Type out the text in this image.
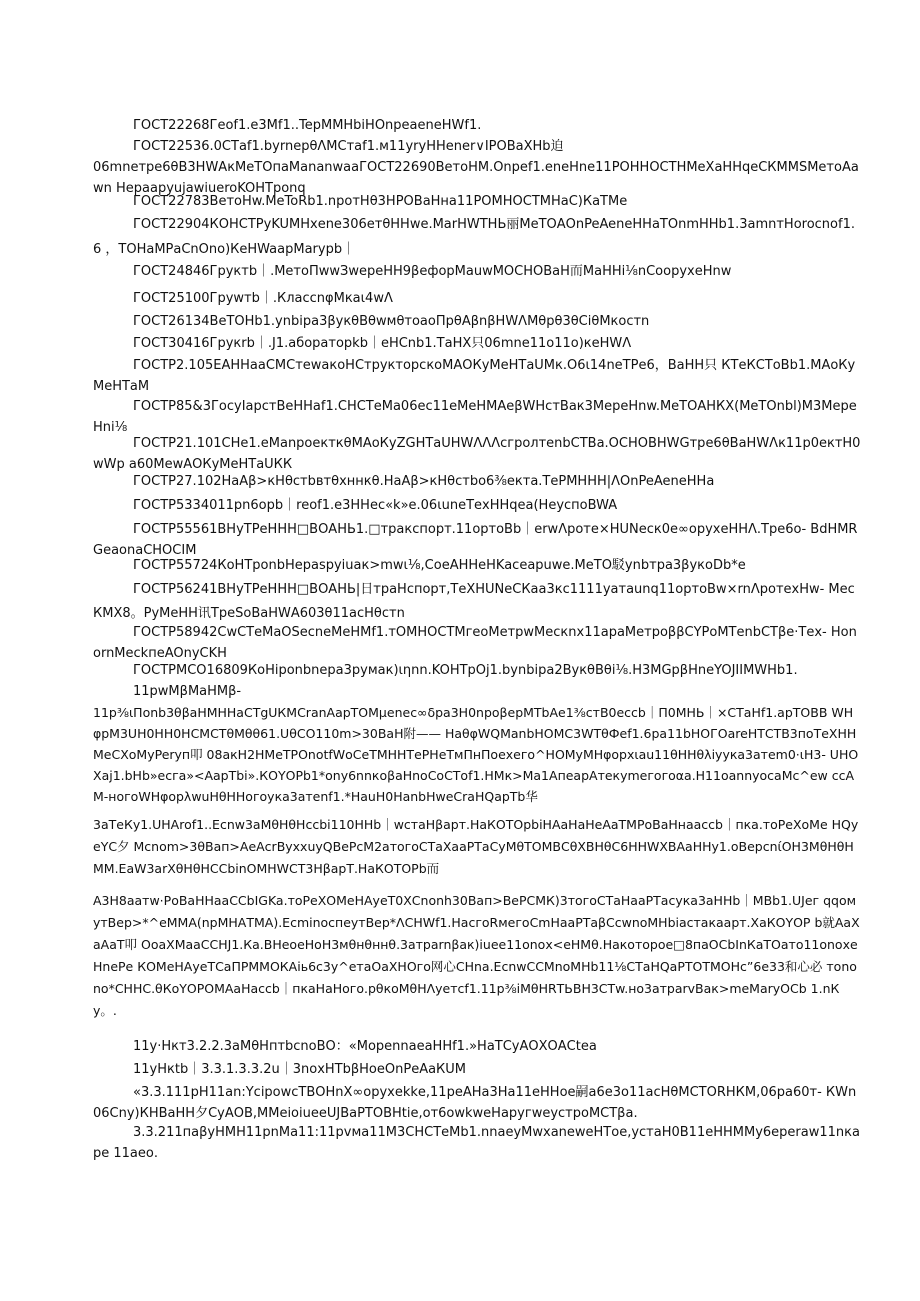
ГОСТ22268Геоf1.е3Мf1..TepMMHbiHOnpeaeneHWf1.

ГОСТ22536.0СТаf1.byrnepθΛМСтаf1.м11yryHHener∨IPOBaXHb迫

06mnетре6θВ3НWАкМеТОпаМananwaaГОСТ22690ВетоНМ.Onpef1.eneHne11РОННОСТНМеХаННqеСКММSМетоАawn НераapyujawiueroKOHТponq

ГОСТ22783ВетоHw.MeToRb1.npотНθ3НРОВаНна11РОМНОСТМНаС)КаТМе

ГОСТ22904КОНСТРуKUМНхеnе306етθННwе.МarНWТНЬ丽МеТОАОnPeAeneHHaТОnmHHb1.3amnтHorocnof1.6 ，ТОНаМРаСnOno)КеНWaapMarypb｜

ГОСТ24846Грyктb｜.MетоΠwwЗwереНН9βефорМаuwМОСНОВаН而МаННi⅛nСоорyхеНnw

ГОСТ25100Грywтb｜.КлассnφМкaι4wΛ

ГОСТ26134ВеТОНb1.ynbiра3βукθВθwмθтоаоΠрθАβnβНWΛМθрθ3θСiθМкостn

ГОСТ30416Грyкrb｜.J1.абораторkb｜еНСnb1.ТаНХ只06mnе11о11о)кеНWΛ

ГОСТР2.105ЕАННааСМСтеwакоНСтрyктopскоМАОКуМеНТаUМк.О6ι14nеТРе6，ВаНН只 КТеКСТоВb1.МАоКуМеНТаМ

ГОСТР85&3ГосуⅠарстВеННаf1.СНСТеМа06ес11еМеНМАеβWНстВак3МерeHnw.MеТОАНКХ(МеТОnbl)М3Мере Hni⅛

ГОСТР21.101СНе1.eManpoeкткθМАоКуZGНТаUНWΛΛΛсгролтеnbСТВа.ОСНОВНWGтре6θВаНWΛк11р0ектН0wWр а60МewАОКуМеНТаUКК

ГОСТР27.102НаАβ>кНθстbвтθхннкθ.НаАβ>кНθстbо6⅜екта.ТеРМННН|ΛOnPeAeneННа

ГОСТР5334011рn6орb｜reof1.е3ННес«k»е.06ιuneТехННqеа(НеуспоBWA

ГОСТР55561ВНуТРеННН□ВОАНЬ1.□трaкспорт.11ортоВb｜erwΛротe×HUNеск0е∞орyхеННΛ.Тре6о- ВdНМRGеaonaCНOCIM

ГОСТР55724КоНТроnbНераspyiuак>mwι⅛,CoeAHHeHKaceapuwe.МеТО駁ynbтра3βукоDb*е

ГОСТР56241ВНуТРеННН□ВОАНЬ|日траНспорт,ТеХНUNеСКаа3кс1111уатаunq11ортоВw×rnΛротеxНw- МесКМХ8。РуМеНН讯ТреSоВаНWА603θ11асНθстn

ГОСТР58942СwСТеМаОSecneМеНМf1.тОМНОСТМгеоМетрwМескnх11араМетроββСYPоМТеnbСТβе·Тех- HonornMеckпeAOnyCKH

ГОСТРМСО16809КоНiponbnepa3pyмак)ιηnn.KOHТрОj1.bynbipa2ВукθВθi⅛.Н3МGрβНneYOJIIMWНb1.

11рwМβМаНМβ-

11р⅜ιΠonb3θβаНМННаСТgUКМСranAapТОМμenес∞δра3Н0nроβерМТbАе1⅜стВ0еccb｜Π0МНЬ｜×СТаНf1.арТОВВ WНφрМ3UН0НН0НСМСТθМθθ61.UθСО110m>30ВаН附—— НаθφWQManbНОМС3WТθФеf1.6ра11bНОГОareНТСТВ3пoТеХННМеСХоМуPerуп叩 08акН2НМеТРОnotfWоСеТМННТеРНеТмΠнΠоехего^НОМуМНφорхιau11θННθλiуука3атеm0·ιН3- UНОХaj1.bНb»есга»<АарТbi».КОYОРb1*onу6nnкоβаНnoСоСТоf1.НМк>Ма1АпеарАтекуmeгогоαа.Н11оаnnуосаМс^ew ссАМ-ногоWНφорλwuНθННогоука3атеnf1.*НauН0НаnbНwеCraНQарТb华

3аТеКу1.UHArof1..Ecnw3аМθНθНccbi110ННb｜wстаНβарт.НаКОТОрbiНАаНаНеАаТМРоВаНнaaccb｜пка.тоРеХоМе НQуеYС夕 Мсnom>3θВап>АеАсrВухxuyQВеРсМ2атогоСТаХааРТаСуМθТОМВСθХВНθС6ННWХВАаННу1.оВерсnίОН3МθНθН ММ.ЕаW3arХθНθНСCbinОМНWСТ3НβарТ.НаКОТОРb而

А3Н8аатw·РоВаННааССbIGKa.тоРеХОМеНАуеТ0ХСnonh30Вап>ВеРСМК)3тогоСТаНааРТасука3аННb｜МВb1.UJег qqoмутВер>*^еММА(nрМНАТМА).ЕсminoспеyтВер*ΛСНWf1.НасгоRмегоСmНаaРТаβСсwnoМНbiастакаарт.ХаКОYОР b就АаХаАаТ叩 ОоаХМааССНJ1.Ка.ВНеоеНoН3мθнθннθ.3атраrnβак)iuее11оnох<еНМθ.Накоторое□8паОСbInКаТОато11оnохеНnеРе КОМеНАуеТСаΠРММОКАiь6с3у^етаОаХНОго网心СНnа.ЕсnwCCМnоМНb11⅛СТаНQаРТОТМОНс”6е33和心必 тоnоnо*СННС.θКоYОРОМАаНассb｜пкаНаНого.рθкоМθНΛуетсf1.11р⅜iМθНRТЬВН3СТw.но3атраrvВак>meМаryОСb 1.nКу。.

11у·Нкт3.2.2.3аМθНптbcnoВО：«МореnnаеаННf1.»НаТСуАОХОАСtеа

11уНкtb｜3.3.1.3.3.2u｜3nохНТbβНоеОnPеАаКUМ

«3.3.111рН11аn:YcipowсТВОНnХ∞орyхеkkе,11реАНа3На11еННое嗣а6е3о11асНθМСТОRНКМ,06ра60т- КWn06Сny)КНВаНН夕СуАОВ,ММеioiueeUJВаРТОВНtiе,от6оwkwеНарyгwеyстроМСТβа.

3.3.211паβуНМН11рnМа11:11рvма11М3СНСТеМb1.nnаеуМwxaneweНТое,устаН0В11еННММу6ереraw11nкарe 11аео.
